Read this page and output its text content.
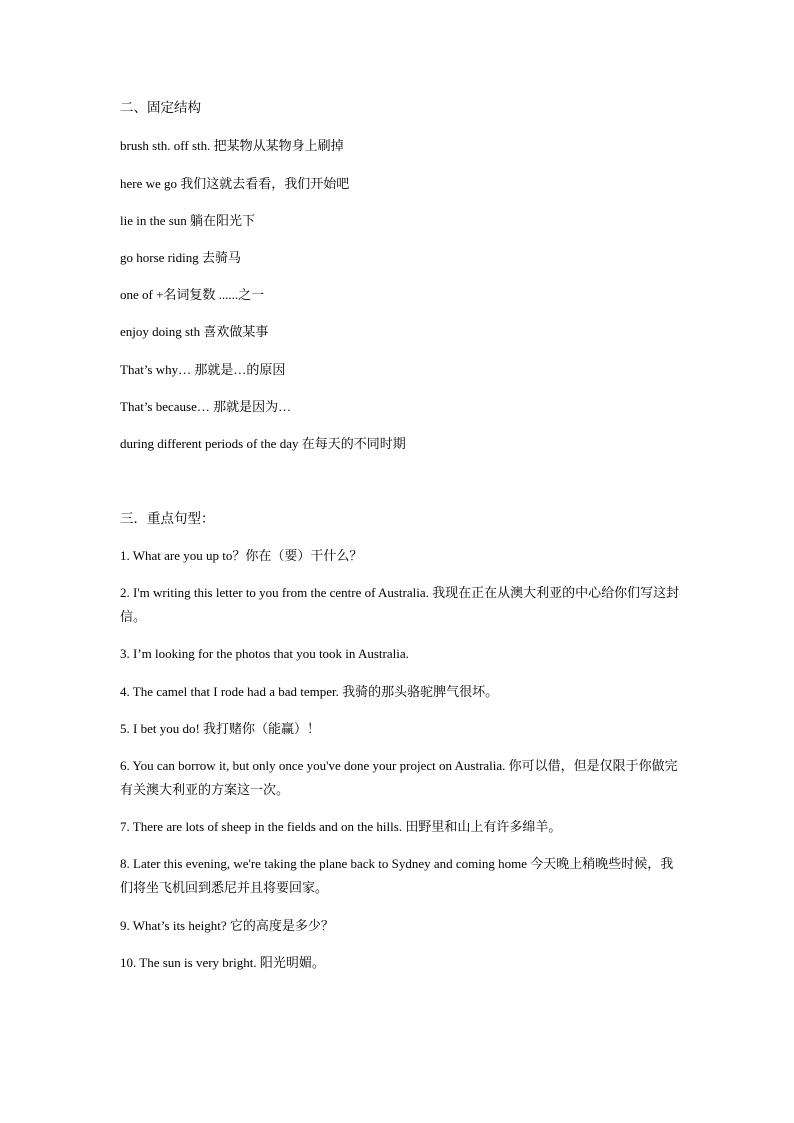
二、固定结构
brush sth. off sth. 把某物从某物身上刷掉
here we go 我们这就去看看，我们开始吧
lie in the sun 躺在阳光下
go horse riding 去骑马
one of +名词复数 ......之一
enjoy doing sth 喜欢做某事
That’s why… 那就是…的原因
That’s because… 那就是因为…
during different periods of the day 在每天的不同时期
三．重点句型：
1. What are you up to？你在（要）干什么？
2. I'm writing this letter to you from the centre of Australia. 我现在正在从澳大利亚的中心给你们写这封信。
3. I’m looking for the photos that you took in Australia.
4. The camel that I rode had a bad temper. 我骑的那头骆驼脾气很坏。
5. I bet you do! 我打赌你（能赢）！
6. You can borrow it, but only once you've done your project on Australia. 你可以借，但是仅限于你做完有关澳大利亚的方案这一次。
7. There are lots of sheep in the fields and on the hills. 田野里和山上有许多绵羊。
8. Later this evening, we're taking the plane back to Sydney and coming home 今天晚上稍晚些时候，我们将坐飞机回到悉尼并且将要回家。
9. What’s its height? 它的高度是多少？
10. The sun is very bright. 阳光明媚。
